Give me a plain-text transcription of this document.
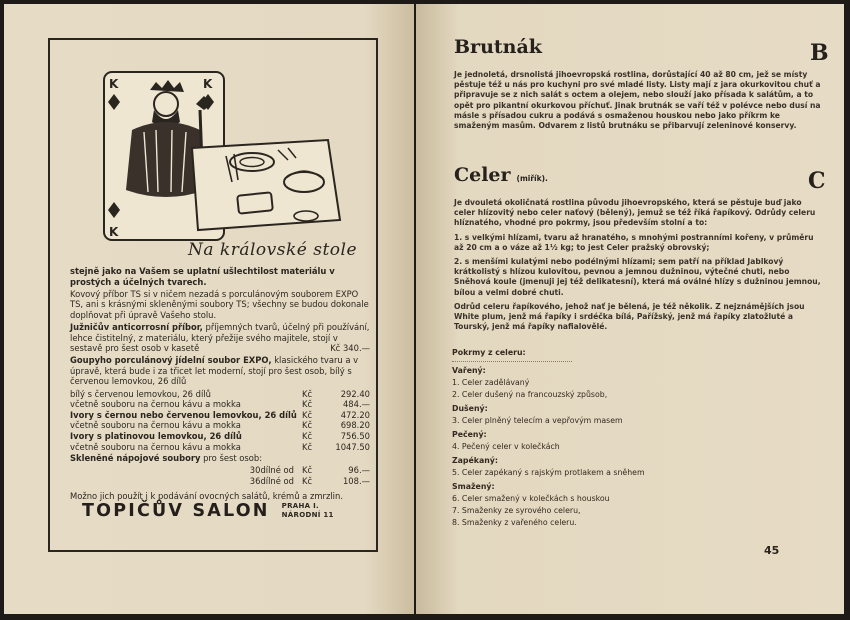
K	K
K
Na královské stole

stejně jako na Vašem se uplatní ušlechtilost materiálu v prostých a účelných tvarech.

Kovový příbor TS si v ničem nezadá s porculánovým souborem EXPO TS, ani s krásnými skleněnými soubory TS; všechny se budou dokonale doplňovat při úpravě Vašeho stolu.

Južničův anticorrosní příbor, příjemných tvarů, účelný při používání, lehce čistitelný, z materiálu, který přežije svého majitele, stojí v sestavě pro šest osob v kasetě	Kč 340.—

Goupyho porculánový jídelní soubor EXPO, klasického tvaru a v úpravě, která bude i za třicet let moderní, stojí pro šest osob, bílý s červenou lemovkou, 26 dílů

bílý s červenou lemovkou, 26 dílů	Kč	292.40
včetně souboru na černou kávu a mokka	Kč	484.—
Ivory s černou nebo červenou lemovkou, 26 dílů Kč	472.20
včetně souboru na černou kávu a mokka	Kč	698.20
Ivory s platinovou lemovkou, 26 dílů	Kč	756.50
včetně souboru na černou kávu a mokka	Kč	1047.50

Skleněné nápojové soubory pro šest osob:

30dílné od Kč	96.—
36dílné od Kč	108.—

Možno jich použít i k podávání ovocných salátů, krémů a zmrzlin.

TOPIČŮV SALON PRAHA I.
NÁRODNÍ 11
Brutnák	B

Je jednoletá, drsnolistá jihoevropská rostlina, dorůstající 40 až 80 cm, jež se místy pěstuje též u nás pro kuchyni pro své mladé listy. Listy mají z jara okurkovitou chuť a připravuje se z nich salát s octem a olejem, nebo slouží jako přísada k salátům, a to opět pro pikantní okurkovou příchuť. Jinak brutnák se vaří též v polévce nebo dusí na másle s přísadou cukru a podává s osmaženou houskou nebo jako příkrm ke smaženým masům. Odvarem z listů brutnáku se přibarvují zeleninové konservy.

Celer (miřík).	C

Je dvouletá okoličnatá rostlina původu jihoevropského, která se pěstuje buď jako celer hlízovitý nebo celer naťový (bělený), jemuž se též říká řapíkový. Odrůdy celeru hlíznatého, vhodné pro pokrmy, jsou především stolní a to:

1. s velkými hlízami, tvaru až hranatého, s mnohými postranními kořeny, v průměru až 20 cm a o váze až 1½ kg; to jest Celer pražský obrovský;

2. s menšími kulatými nebo podélnými hlízami; sem patří na příklad Jablkový krátkolistý s hlízou kulovitou, pevnou a jemnou dužninou, výtečné chuti, nebo Sněhová koule (jmenuji jej též delikatesní), která má oválné hlízy s dužninou jemnou, bílou a velmi dobré chuti.

Odrůd celeru řapíkového, jehož nať je bělená, je též několik. Z nejznámějších jsou White plum, jenž má řapíky i srdéčka bílá, Pařížský, jenž má řapíky zlatožluté a Tourský, jenž má řapíky nafialovělé.

Pokrmy z celeru:
Vařený:
1. Celer zadělávaný
2. Celer dušený na francouzský způsob,
Dušený:
3. Celer plněný telecím a vepřovým masem
Pečený:
4. Pečený celer v kolečkách
Zapékaný:
5. Celer zapékaný s rajským protlakem a sněhem
Smažený:
6. Celer smažený v kolečkách s houskou
7. Smaženky ze syrového celeru,
8. Smaženky z vařeného celeru.
45
